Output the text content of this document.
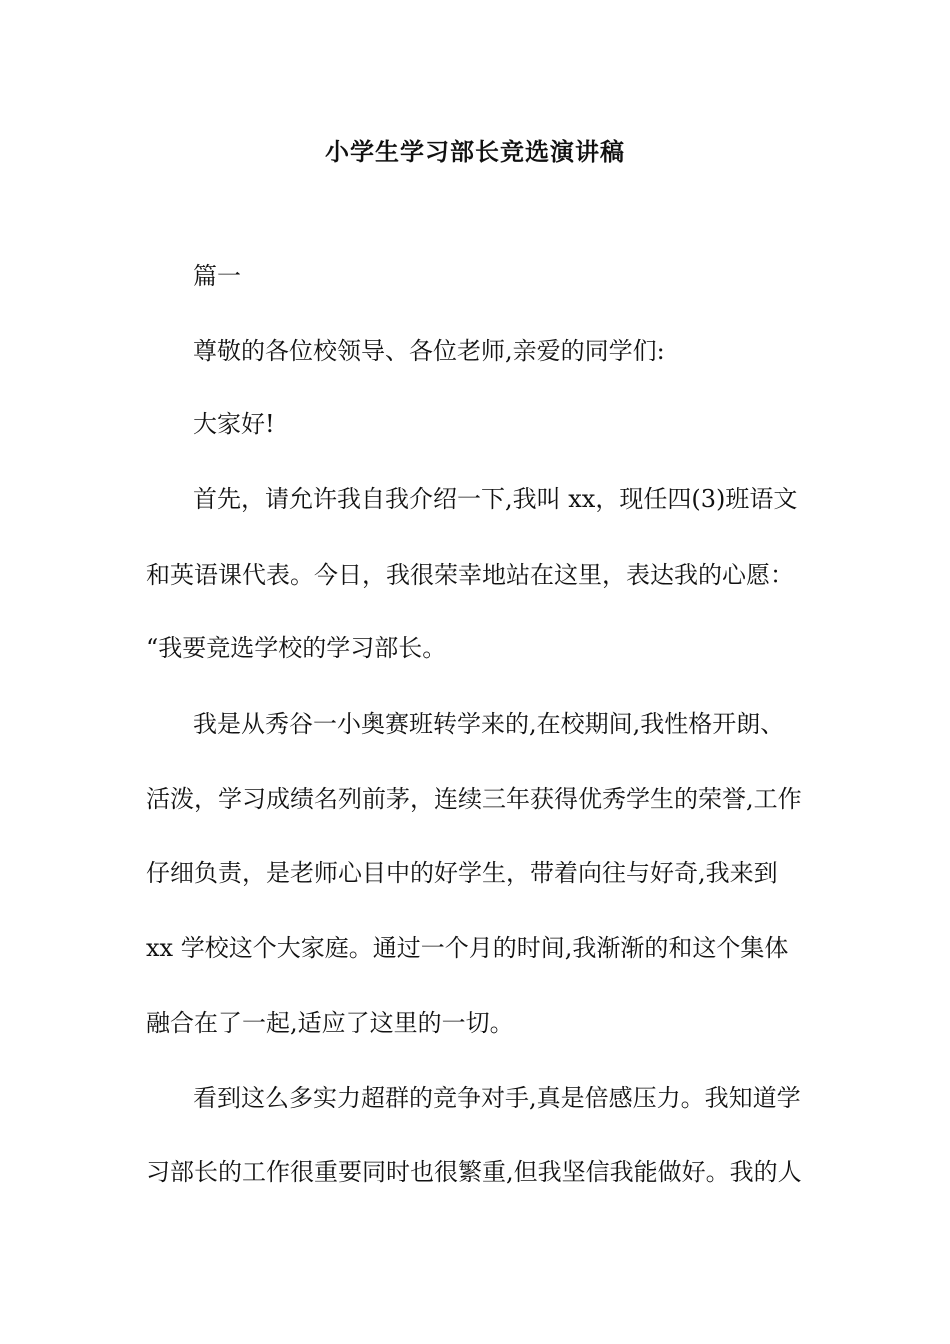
小学生学习部长竞选演讲稿
篇一
尊敬的各位校领导、各位老师,亲爱的同学们:
大家好!
首先，请允许我自我介绍一下,我叫 xx，现任四(3)班语文
和英语课代表。今日，我很荣幸地站在这里，表达我的心愿：
“我要竞选学校的学习部长。
我是从秀谷一小奥赛班转学来的,在校期间,我性格开朗、
活泼，学习成绩名列前茅，连续三年获得优秀学生的荣誉,工作
仔细负责，是老师心目中的好学生，带着向往与好奇,我来到
xx 学校这个大家庭。通过一个月的时间,我渐渐的和这个集体
融合在了一起,适应了这里的一切。
看到这么多实力超群的竞争对手,真是倍感压力。我知道学
习部长的工作很重要同时也很繁重,但我坚信我能做好。我的人
